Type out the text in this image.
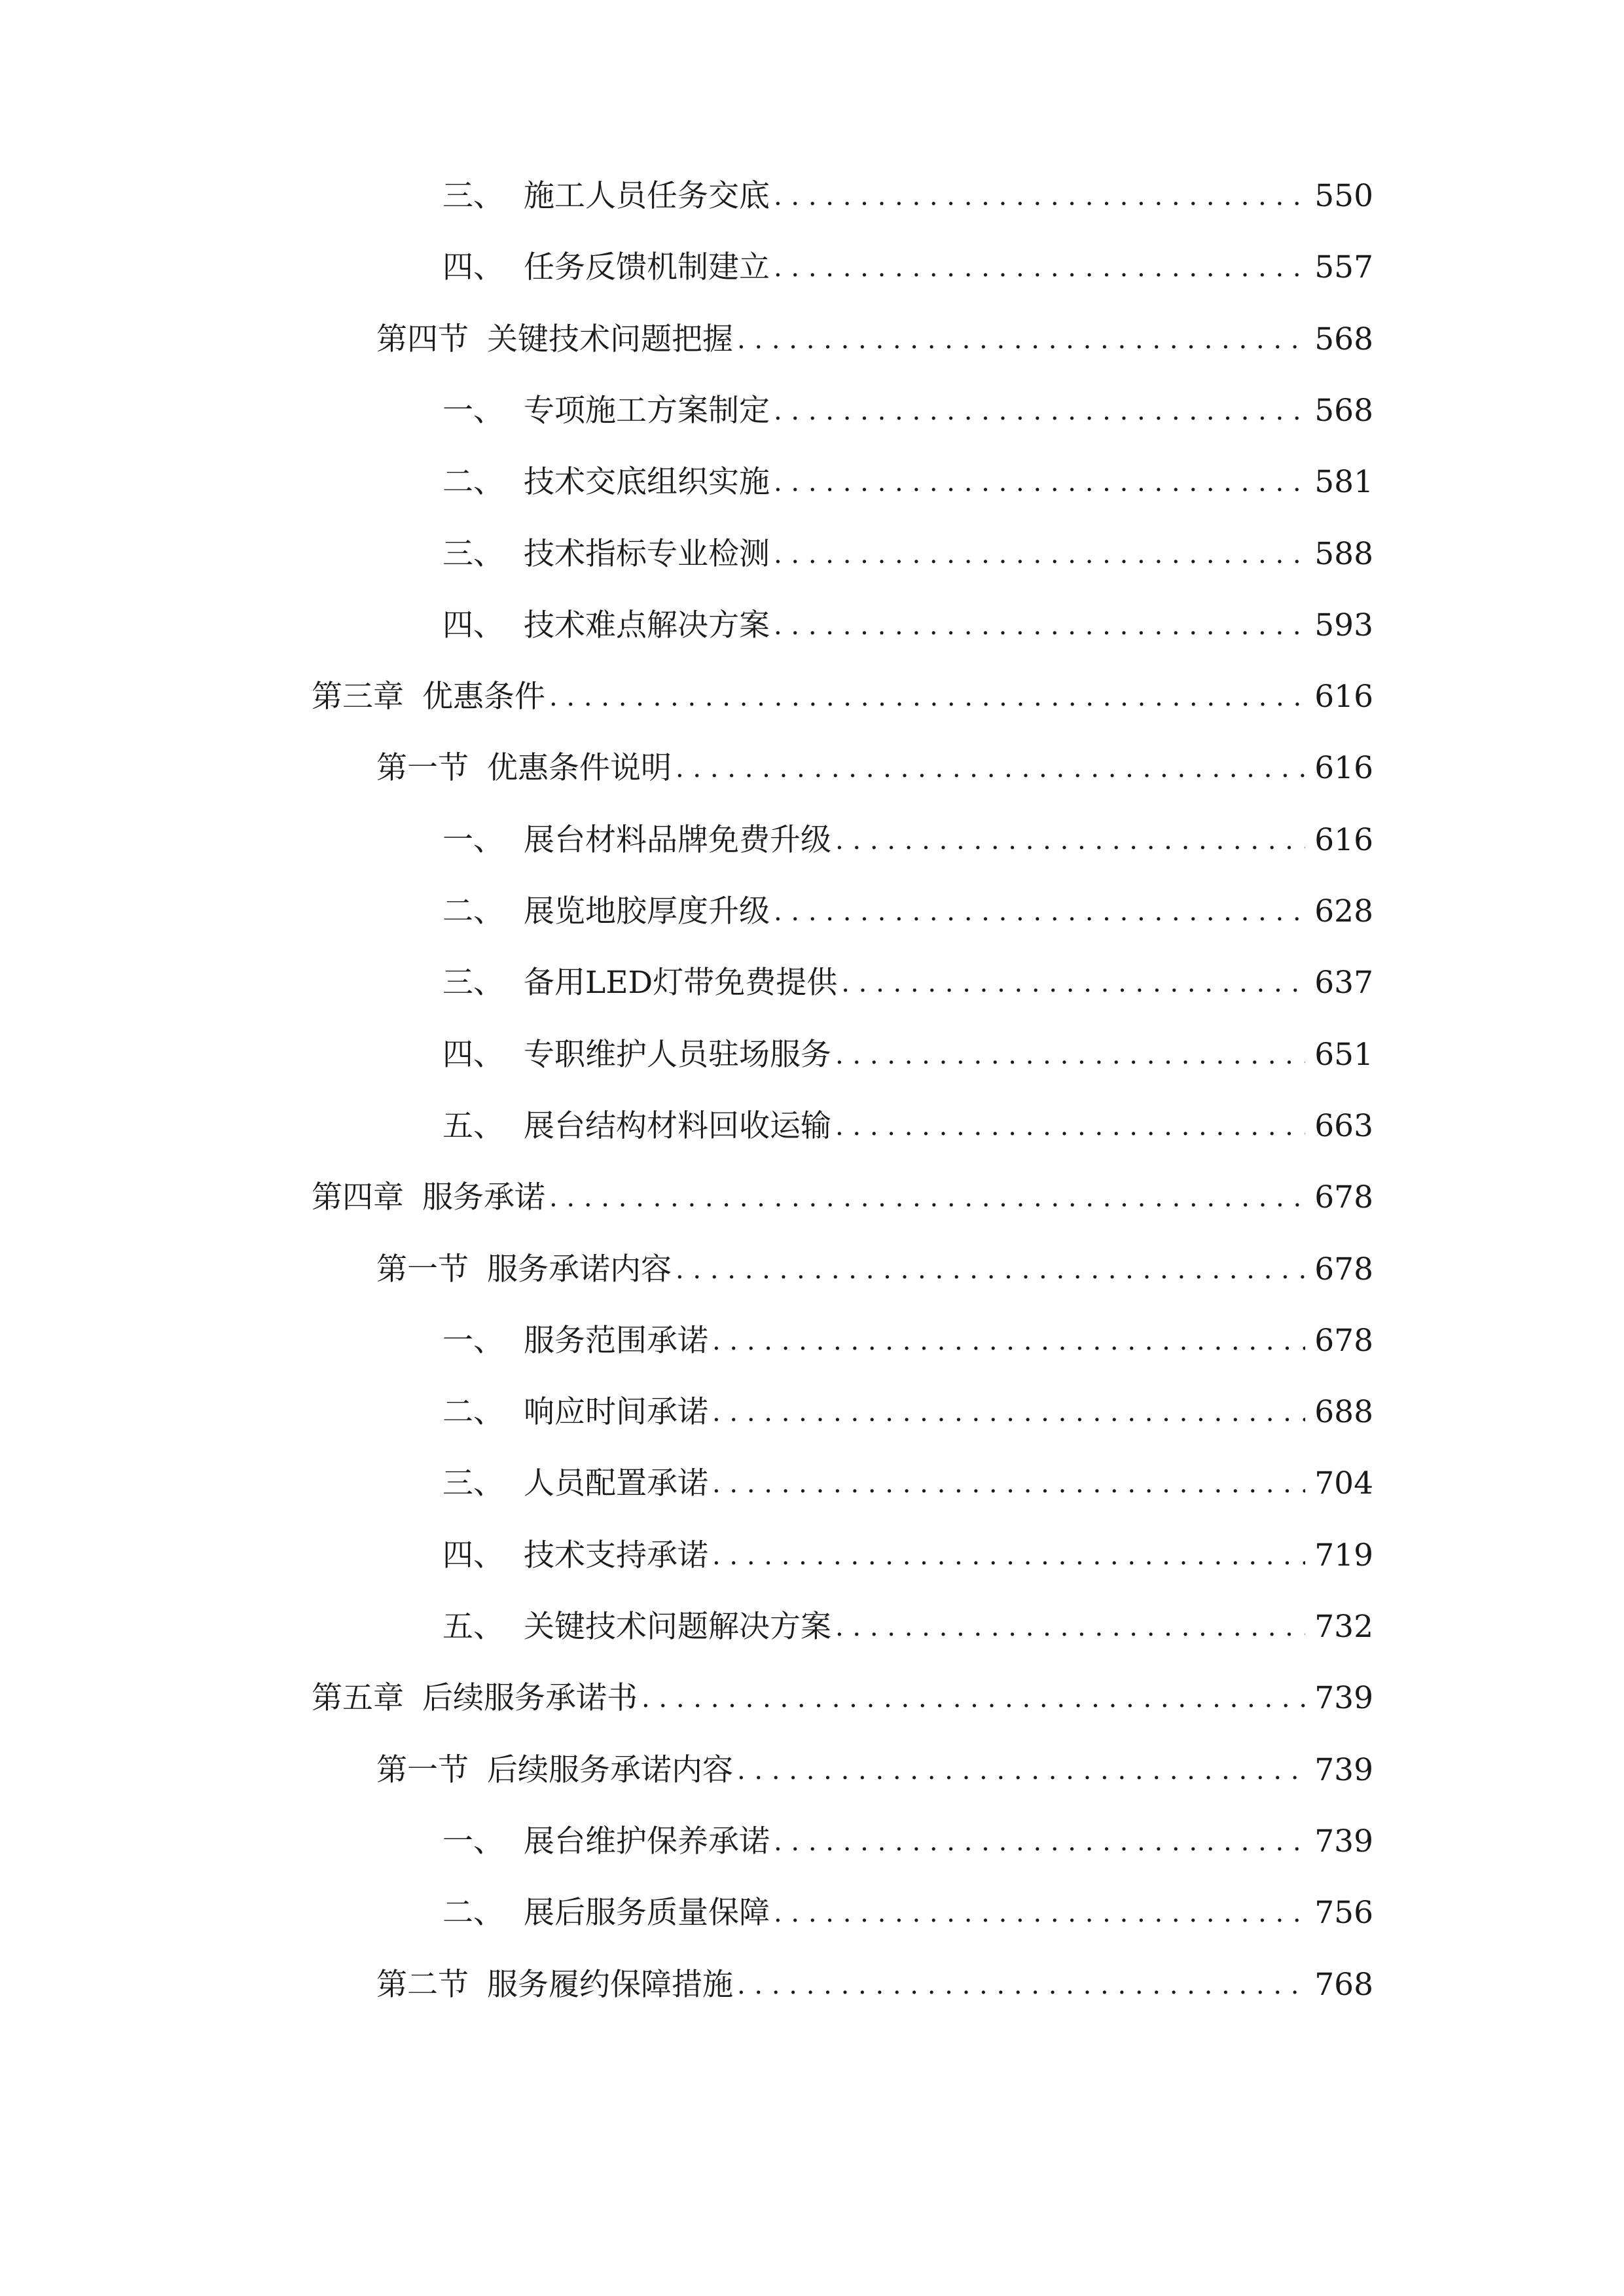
三、 施工人员任务交底 . . .	550
四、 任务反馈机制建立 . . .	557
第四节 关键技术问题把握 . . .	568
一、 专项施工方案制定 . . .	568
二、 技术交底组织实施 . . .	581
三、 技术指标专业检测 . . .	588
四、 技术难点解决方案 . . .	593
第三章 优惠条件 . . .	616
第一节 优惠条件说明 . . .	616
一、 展台材料品牌免费升级 . . .	616
二、 展览地胶厚度升级 . . .	628
三、 备用LED灯带免费提供 . . .	637
四、 专职维护人员驻场服务 . . .	651
五、 展台结构材料回收运输 . . .	663
第四章 服务承诺 . . .	678
第一节 服务承诺内容 . . .	678
一、 服务范围承诺 . . .	678
二、 响应时间承诺 . . .	688
三、 人员配置承诺 . . .	704
四、 技术支持承诺 . . .	719
五、 关键技术问题解决方案 . . .	732
第五章 后续服务承诺书 . . .	739
第一节 后续服务承诺内容 . . .	739
一、 展台维护保养承诺 . . .	739
二、 展后服务质量保障 . . .	756
第二节 服务履约保障措施 . . .	768
